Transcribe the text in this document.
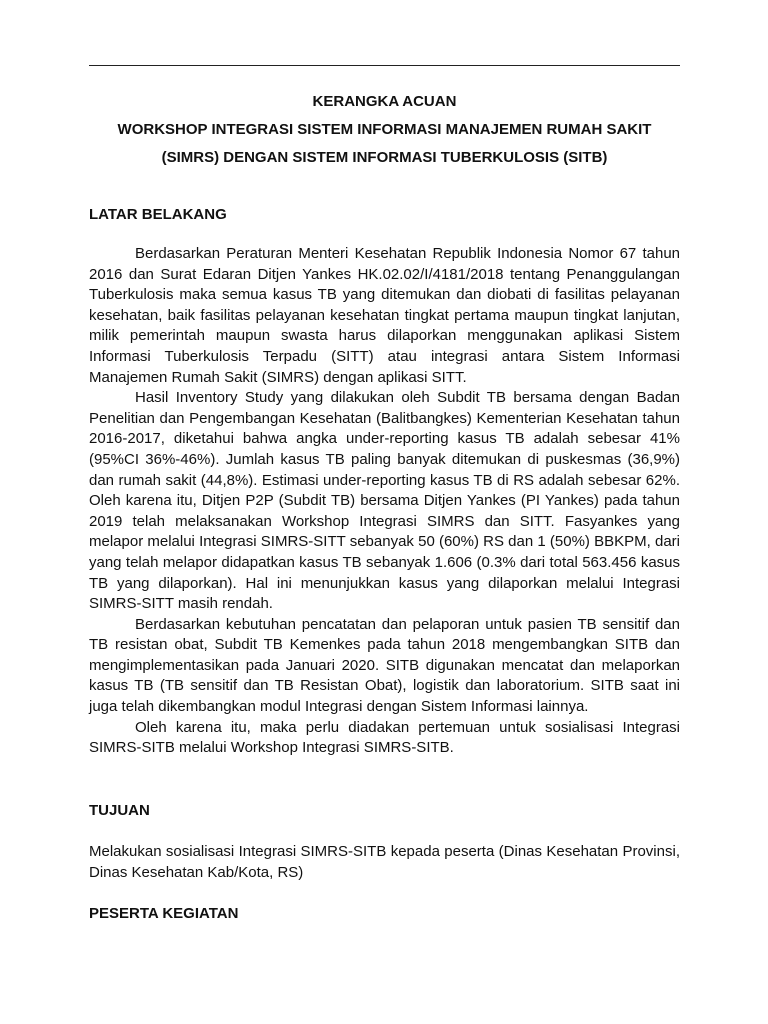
KERANGKA ACUAN
WORKSHOP INTEGRASI SISTEM INFORMASI MANAJEMEN RUMAH SAKIT
(SIMRS) DENGAN SISTEM INFORMASI TUBERKULOSIS (SITB)
LATAR BELAKANG

Berdasarkan Peraturan Menteri Kesehatan Republik Indonesia Nomor 67 tahun 2016 dan Surat Edaran Ditjen Yankes HK.02.02/I/4181/2018 tentang Penanggulangan Tuberkulosis maka semua kasus TB yang ditemukan dan diobati di fasilitas pelayanan kesehatan, baik fasilitas pelayanan kesehatan tingkat pertama maupun tingkat lanjutan, milik pemerintah maupun swasta harus dilaporkan menggunakan aplikasi Sistem Informasi Tuberkulosis Terpadu (SITT) atau integrasi antara Sistem Informasi Manajemen Rumah Sakit (SIMRS) dengan aplikasi SITT.

Hasil Inventory Study yang dilakukan oleh Subdit TB bersama dengan Badan Penelitian dan Pengembangan Kesehatan (Balitbangkes) Kementerian Kesehatan tahun 2016-2017, diketahui bahwa angka under-reporting kasus TB adalah sebesar 41% (95%CI 36%-46%). Jumlah kasus TB paling banyak ditemukan di puskesmas (36,9%) dan rumah sakit (44,8%). Estimasi under-reporting kasus TB di RS adalah sebesar 62%. Oleh karena itu, Ditjen P2P (Subdit TB) bersama Ditjen Yankes (PI Yankes) pada tahun 2019 telah melaksanakan Workshop Integrasi SIMRS dan SITT. Fasyankes yang melapor melalui Integrasi SIMRS-SITT sebanyak 50 (60%) RS dan 1 (50%) BBKPM, dari yang telah melapor didapatkan kasus TB sebanyak 1.606 (0.3% dari total 563.456 kasus TB yang dilaporkan). Hal ini menunjukkan kasus yang dilaporkan melalui Integrasi SIMRS-SITT masih rendah.

Berdasarkan kebutuhan pencatatan dan pelaporan untuk pasien TB sensitif dan TB resistan obat, Subdit TB Kemenkes pada tahun 2018 mengembangkan SITB dan mengimplementasikan pada Januari 2020. SITB digunakan mencatat dan melaporkan kasus TB (TB sensitif dan TB Resistan Obat), logistik dan laboratorium. SITB saat ini juga telah dikembangkan modul Integrasi dengan Sistem Informasi lainnya.

Oleh karena itu, maka perlu diadakan pertemuan untuk sosialisasi Integrasi SIMRS-SITB melalui Workshop Integrasi SIMRS-SITB.

TUJUAN
Melakukan sosialisasi Integrasi SIMRS-SITB kepada peserta (Dinas Kesehatan Provinsi, Dinas Kesehatan Kab/Kota, RS)
PESERTA KEGIATAN
